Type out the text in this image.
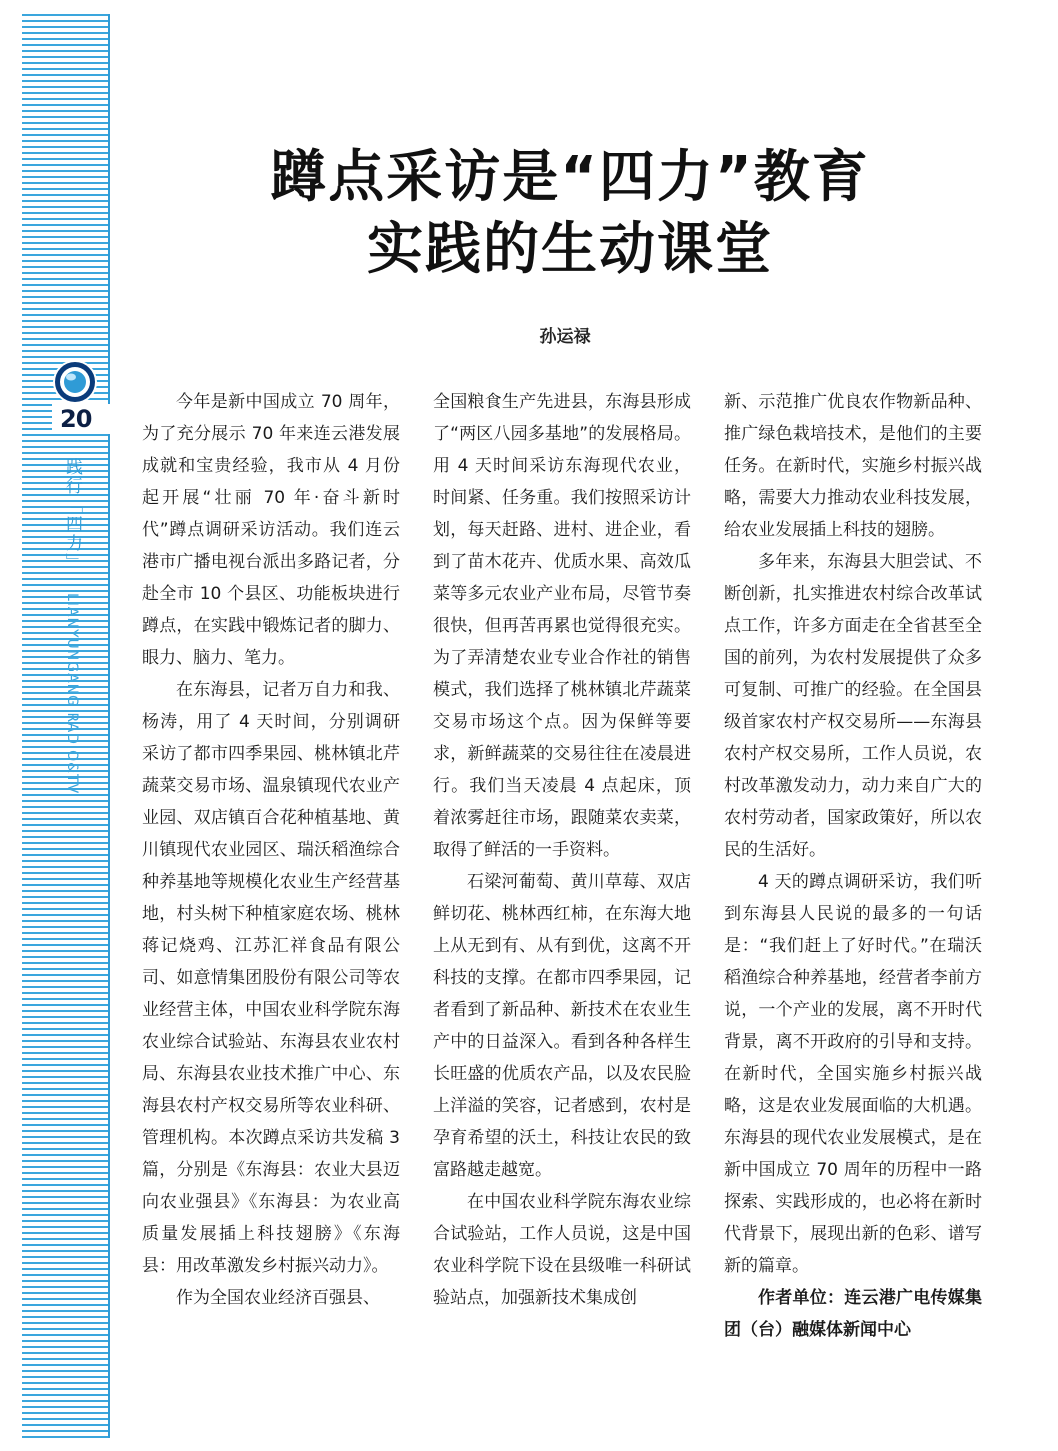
20
践行「四力」 LIANYUNGANG RADIO&TV
蹲点采访是“四力”教育
实践的生动课堂
孙运禄

今年是新中国成立 70 周年，为了充分展示 70 年来连云港发展成就和宝贵经验，我市从 4 月份起开展“壮丽 70 年·奋斗新时代”蹲点调研采访活动。我们连云港市广播电视台派出多路记者，分赴全市 10 个县区、功能板块进行蹲点，在实践中锻炼记者的脚力、眼力、脑力、笔力。

在东海县，记者万自力和我、杨涛，用了 4 天时间，分别调研采访了都市四季果园、桃林镇北芹蔬菜交易市场、温泉镇现代农业产业园、双店镇百合花种植基地、黄川镇现代农业园区、瑞沃稻渔综合种养基地等规模化农业生产经营基地，村头树下种植家庭农场、桃林蒋记烧鸡、江苏汇祥食品有限公司、如意情集团股份有限公司等农业经营主体，中国农业科学院东海农业综合试验站、东海县农业农村局、东海县农业技术推广中心、东海县农村产权交易所等农业科研、管理机构。本次蹲点采访共发稿 3 篇，分别是《东海县：农业大县迈向农业强县》《东海县：为农业高质量发展插上科技翅膀》《东海县：用改革激发乡村振兴动力》。

作为全国农业经济百强县、

全国粮食生产先进县，东海县形成了“两区八园多基地”的发展格局。用 4 天时间采访东海现代农业，时间紧、任务重。我们按照采访计划，每天赶路、进村、进企业，看到了苗木花卉、优质水果、高效瓜菜等多元农业产业布局，尽管节奏很快，但再苦再累也觉得很充实。为了弄清楚农业专业合作社的销售模式，我们选择了桃林镇北芹蔬菜交易市场这个点。因为保鲜等要求，新鲜蔬菜的交易往往在凌晨进行。我们当天凌晨 4 点起床，顶着浓雾赶往市场，跟随菜农卖菜，取得了鲜活的一手资料。

石梁河葡萄、黄川草莓、双店鲜切花、桃林西红柿，在东海大地上从无到有、从有到优，这离不开科技的支撑。在都市四季果园，记者看到了新品种、新技术在农业生产中的日益深入。看到各种各样生长旺盛的优质农产品，以及农民脸上洋溢的笑容，记者感到，农村是孕育希望的沃土，科技让农民的致富路越走越宽。

在中国农业科学院东海农业综合试验站，工作人员说，这是中国农业科学院下设在县级唯一科研试验站点，加强新技术集成创

新、示范推广优良农作物新品种、推广绿色栽培技术，是他们的主要任务。在新时代，实施乡村振兴战略，需要大力推动农业科技发展，给农业发展插上科技的翅膀。

多年来，东海县大胆尝试、不断创新，扎实推进农村综合改革试点工作，许多方面走在全省甚至全国的前列，为农村发展提供了众多可复制、可推广的经验。在全国县级首家农村产权交易所——东海县农村产权交易所，工作人员说，农村改革激发动力，动力来自广大的农村劳动者，国家政策好，所以农民的生活好。

4 天的蹲点调研采访，我们听到东海县人民说的最多的一句话是：“我们赶上了好时代。”在瑞沃稻渔综合种养基地，经营者李前方说，一个产业的发展，离不开时代背景，离不开政府的引导和支持。在新时代，全国实施乡村振兴战略，这是农业发展面临的大机遇。东海县的现代农业发展模式，是在新中国成立 70 周年的历程中一路探索、实践形成的，也必将在新时代背景下，展现出新的色彩、谱写新的篇章。

作者单位：连云港广电传媒集团（台）融媒体新闻中心
